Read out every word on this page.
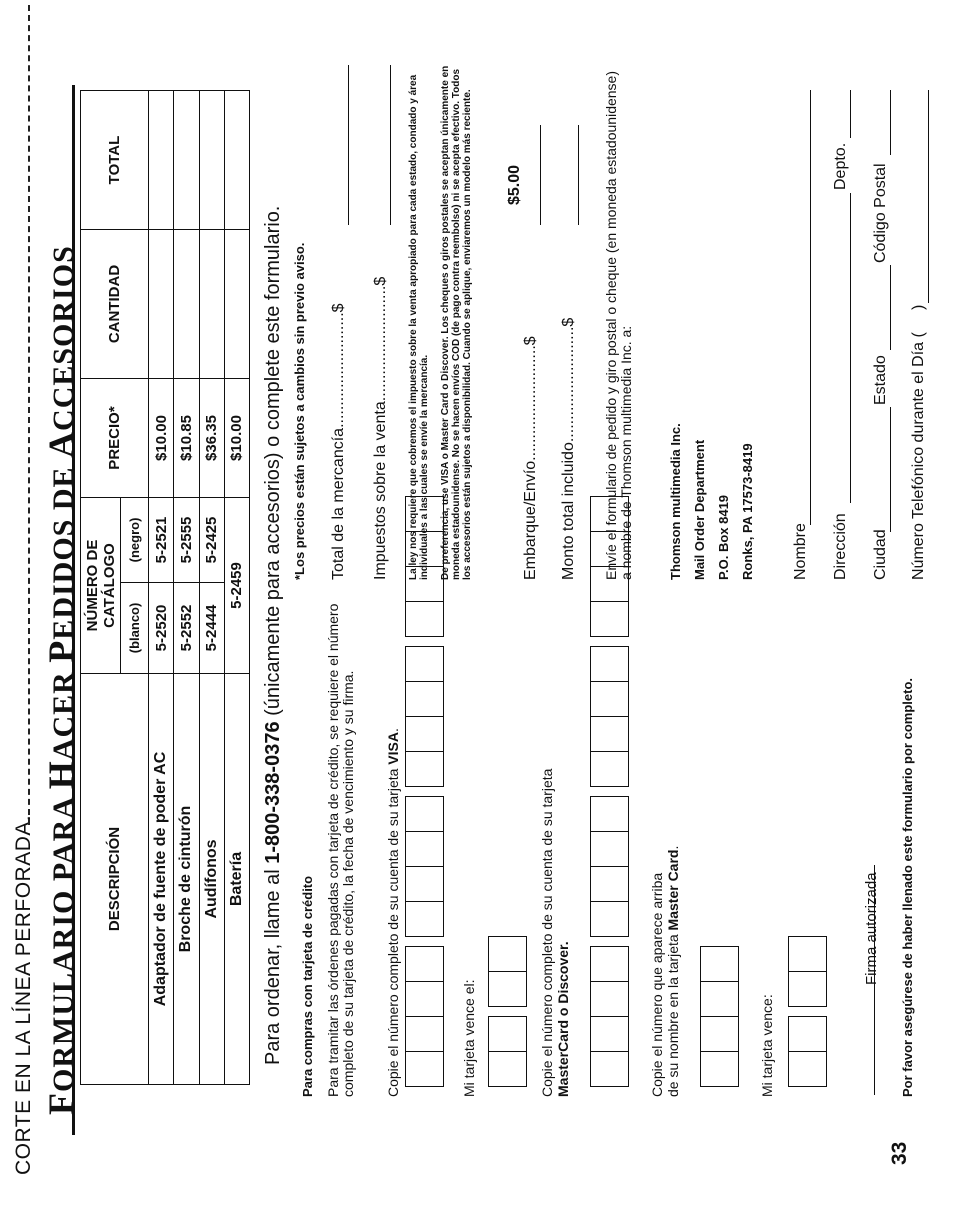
33
CORTE EN LA LÍNEA PERFORADA. FORMULARIO PARA HACER PEDIDOS DE ACCESORIOS
DESCRIPCIÓN	NÚMERO DE CATÁLOGO		PRECIO*	CANTIDAD	TOTAL
	(blanco)	(negro)			
Adaptador de fuente de poder AC	5-2520	5-2521	$10.00		
Broche de cinturón	5-2552	5-2555	$10.85		
Audífonos	5-2444	5-2425	$36.35		
Batería	5-2459		$10.00		
Para ordenar, llame al 1-800-338-0376 (únicamente para accesorios) o complete este formulario. *Los precios están sujetos a cambios sin previo aviso.
Para compras con tarjeta de crédito Para tramitar las órdenes pagadas con tarjeta de crédito, se requiere el número completo de su tarjeta de crédito, la fecha de vencimiento y su firma. Copie el número completo de su cuenta de su tarjeta VISA.
Mi tarjeta vence el:	Copie el número completo de su cuenta de su tarjeta MasterCard o Discover.	Copie el número que aparece arriba de su nombre en la tarjeta Master Card.
Mi tarjeta vence:
Firma autorizada Por favor asegúrese de haber llenado este formulario por completo.
Total de la mercancía..........................$
Impuestos sobre la venta..........................$ La ley nos requiere que cobremos el impuesto sobre la venta apropiado para cada estado, condado y área individuales a las cuales se envíe la mercancía. De preferencia, use VISA o Master Card o Discover. Los cheques o giros postales se aceptan únicamente en moneda estadounidense. No se hacen envíos COD (de pago contra reembolso) ni se acepta efectivo. Todos los accesorios están sujetos a disponibilidad. Cuando se aplique, enviaremos un modelo más reciente. $5.00
Embarque/Envío..........................$
Monto total incluido..........................$ Envíe el formulario de pedido y giro postal o cheque (en moneda estadounidense) a nombre de Thomson multimedia Inc. a:	Thomson multimedia Inc. Mail Order Department P.O. Box 8419 Ronks, PA 17573-8419 Nombre Dirección
Depto.
Ciudad
Estado
Código Postal
Número Telefónico durante el Día (
)
